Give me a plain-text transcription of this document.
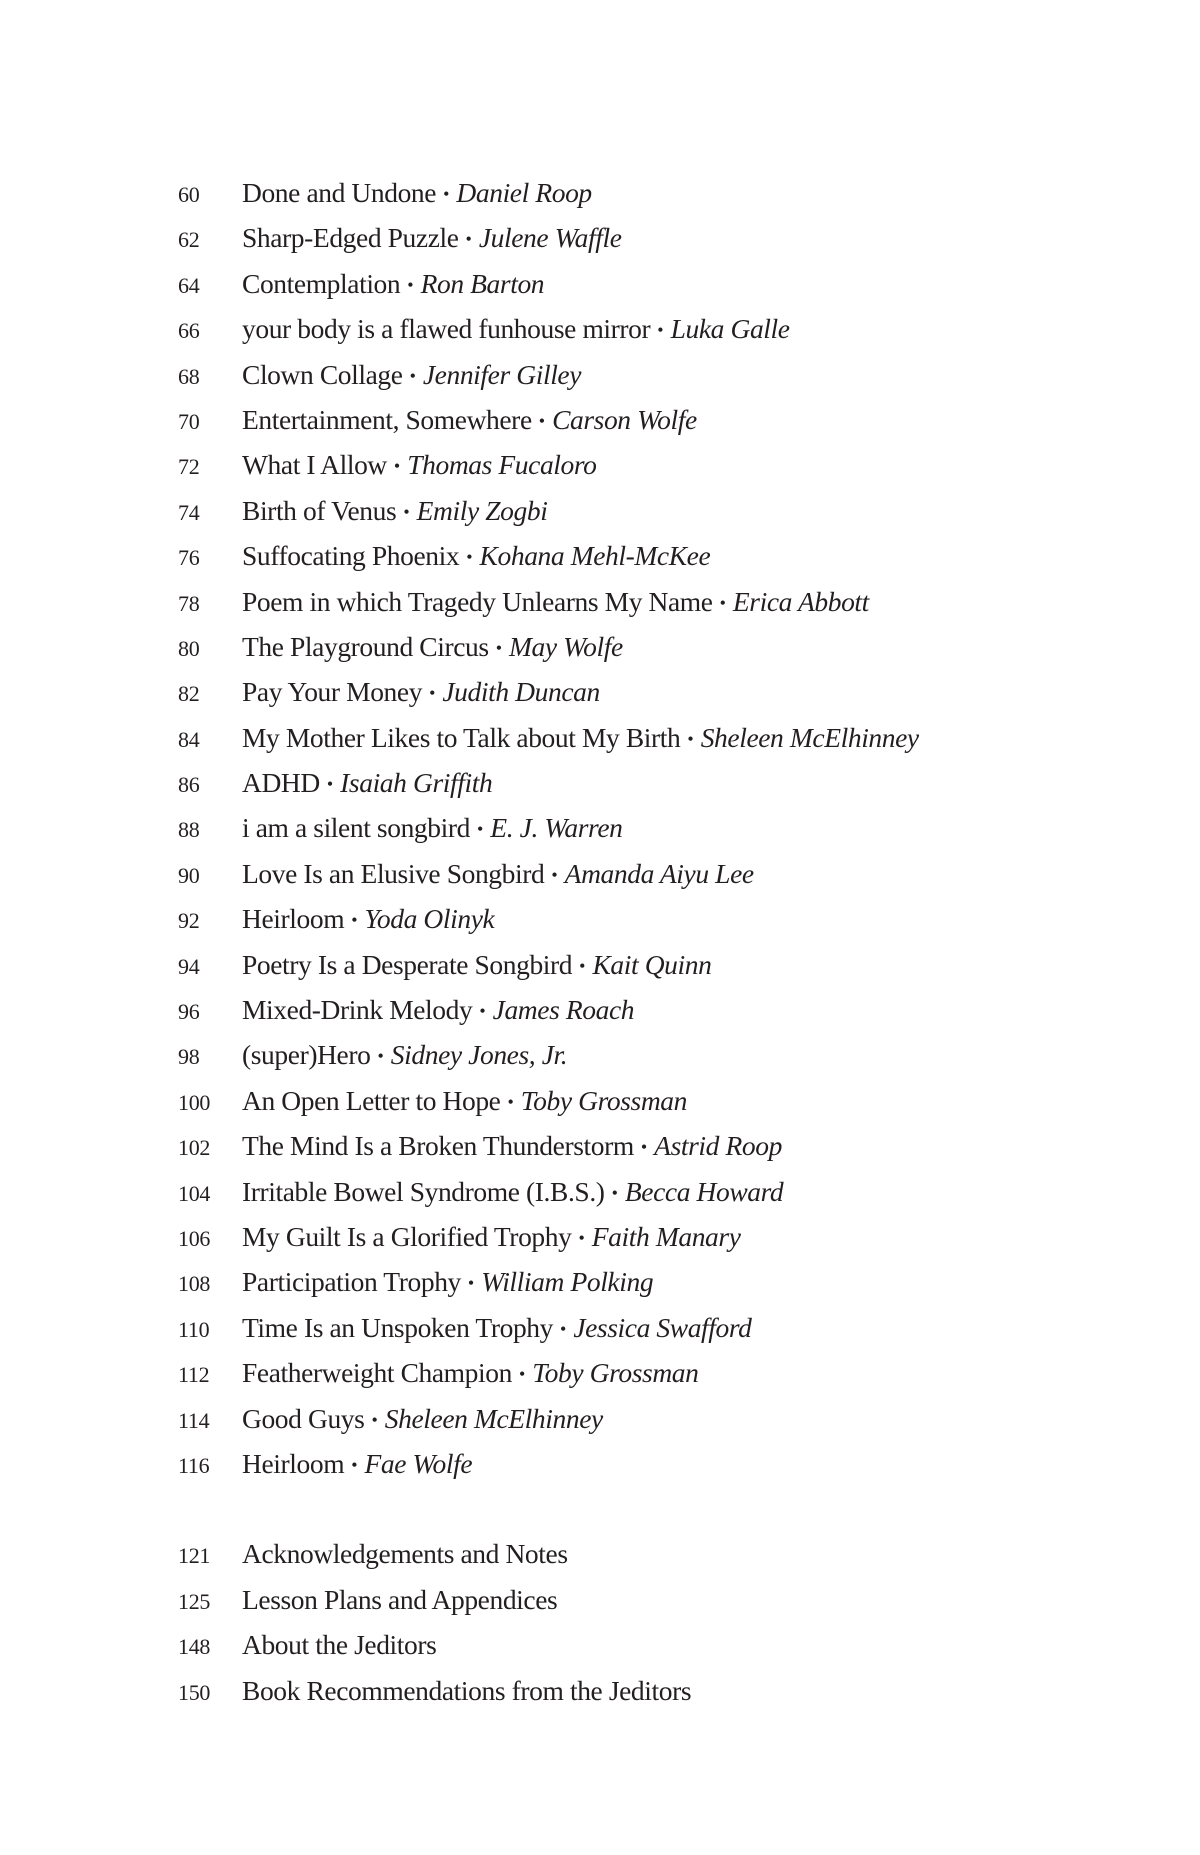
60	Done and Undone • Daniel Roop
62	Sharp-Edged Puzzle • Julene Waffle
64	Contemplation • Ron Barton
66	your body is a flawed funhouse mirror • Luka Galle
68	Clown Collage • Jennifer Gilley
70	Entertainment, Somewhere • Carson Wolfe
72	What I Allow • Thomas Fucaloro
74	Birth of Venus • Emily Zogbi
76	Suffocating Phoenix • Kohana Mehl-McKee
78	Poem in which Tragedy Unlearns My Name • Erica Abbott
80	The Playground Circus • May Wolfe
82	Pay Your Money • Judith Duncan
84	My Mother Likes to Talk about My Birth • Sheleen McElhinney
86	ADHD • Isaiah Griffith
88	i am a silent songbird • E. J. Warren
90	Love Is an Elusive Songbird • Amanda Aiyu Lee
92	Heirloom • Yoda Olinyk
94	Poetry Is a Desperate Songbird • Kait Quinn
96	Mixed-Drink Melody • James Roach
98	(super)Hero • Sidney Jones, Jr.
100	An Open Letter to Hope • Toby Grossman
102	The Mind Is a Broken Thunderstorm • Astrid Roop
104	Irritable Bowel Syndrome (I.B.S.) • Becca Howard
106	My Guilt Is a Glorified Trophy • Faith Manary
108	Participation Trophy • William Polking
110	Time Is an Unspoken Trophy • Jessica Swafford
112	Featherweight Champion • Toby Grossman
114	Good Guys • Sheleen McElhinney
116	Heirloom • Fae Wolfe
121	Acknowledgements and Notes
125	Lesson Plans and Appendices
148	About the Jeditors
150	Book Recommendations from the Jeditors
